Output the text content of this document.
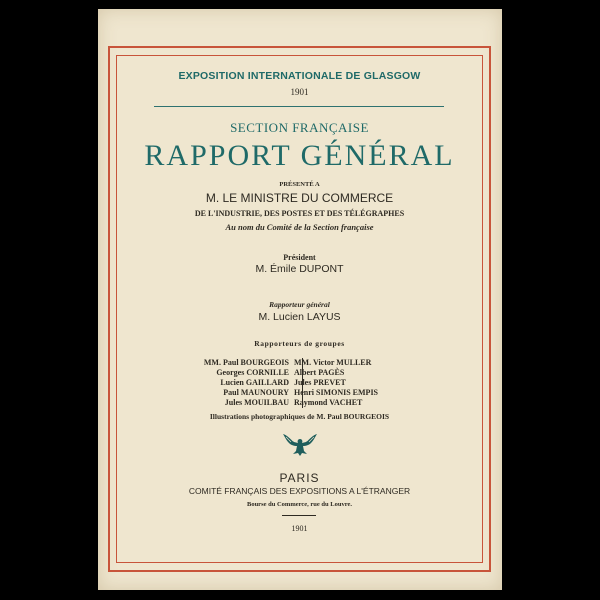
EXPOSITION INTERNATIONALE DE GLASGOW
1901
SECTION FRANÇAISE
RAPPORT GÉNÉRAL
PRÉSENTÉ A
M. LE MINISTRE DU COMMERCE
DE L'INDUSTRIE, DES POSTES ET DES TÉLÉGRAPHES
Au nom du Comité de la Section française
Président
M. Émile DUPONT
Rapporteur général
M. Lucien LAYUS
Rapporteurs de groupes
MM. Paul BOURGEOIS
Georges CORNILLE
Lucien GAILLARD
Paul MAUNOURY
Jules MOUILBAU
MM. Victor MULLER
Albert PAGÈS
Jules PREVET
Henri SIMONIS EMPIS
Raymond VACHET
Illustrations photographiques de M. Paul BOURGEOIS
PARIS
COMITÉ FRANÇAIS DES EXPOSITIONS A L'ÉTRANGER
Bourse du Commerce, rue du Louvre.
1901
